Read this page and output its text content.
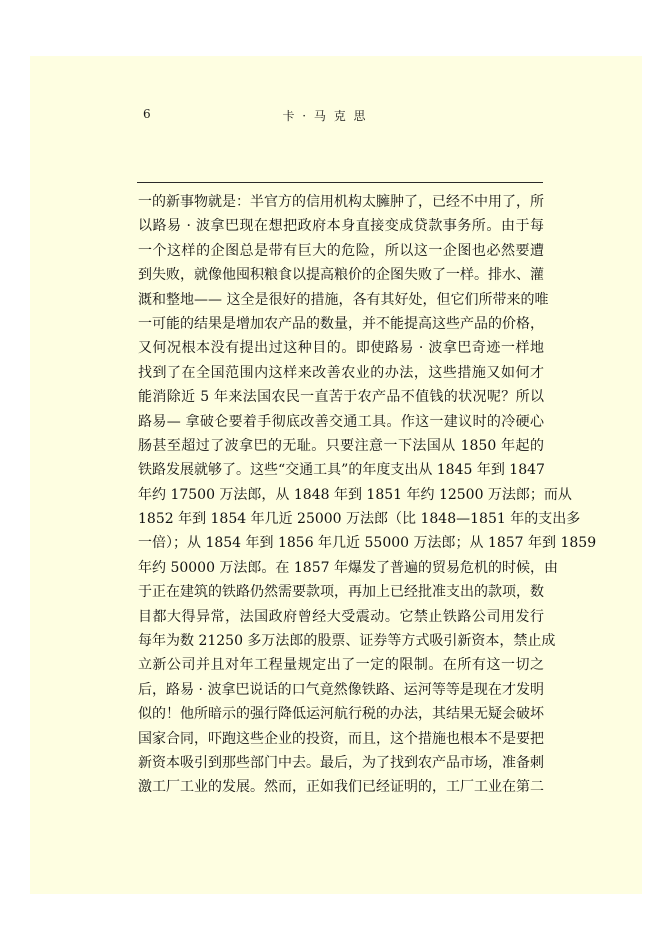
6	卡 · 马 克 思
一的新事物就是：半官方的信用机构太臃肿了，已经不中用了，所
以路易 · 波拿巴现在想把政府本身直接变成贷款事务所。由于每
一个这样的企图总是带有巨大的危险，所以这一企图也必然要遭
到失败，就像他囤积粮食以提高粮价的企图失败了一样。排水、灌
溉和整地—— 这全是很好的措施，各有其好处，但它们所带来的唯
一可能的结果是增加农产品的数量，并不能提高这些产品的价格，
又何况根本没有提出过这种目的。即使路易 · 波拿巴奇迹一样地
找到了在全国范围内这样来改善农业的办法，这些措施又如何才
能消除近 5 年来法国农民一直苦于农产品不值钱的状况呢？所以
路易— 拿破仑要着手彻底改善交通工具。作这一建议时的冷硬心
肠甚至超过了波拿巴的无耻。只要注意一下法国从 1850 年起的
铁路发展就够了。这些“交通工具”的年度支出从 1845 年到 1847
年约 17500 万法郎，从 1848 年到 1851 年约 12500 万法郎；而从
1852 年到 1854 年几近 25000 万法郎（比 1848—1851 年的支出多
一倍）；从 1854 年到 1856 年几近 55000 万法郎；从 1857 年到 1859
年约 50000 万法郎。在 1857 年爆发了普遍的贸易危机的时候，由
于正在建筑的铁路仍然需要款项，再加上已经批准支出的款项，数
目都大得异常，法国政府曾经大受震动。它禁止铁路公司用发行
每年为数 21250 多万法郎的股票、证券等方式吸引新资本，禁止成
立新公司并且对年工程量规定出了一定的限制。在所有这一切之
后，路易 · 波拿巴说话的口气竟然像铁路、运河等等是现在才发明
似的！他所暗示的强行降低运河航行税的办法，其结果无疑会破坏
国家合同，吓跑这些企业的投资，而且，这个措施也根本不是要把
新资本吸引到那些部门中去。最后，为了找到农产品市场，准备刺
激工厂工业的发展。然而，正如我们已经证明的，工厂工业在第二
